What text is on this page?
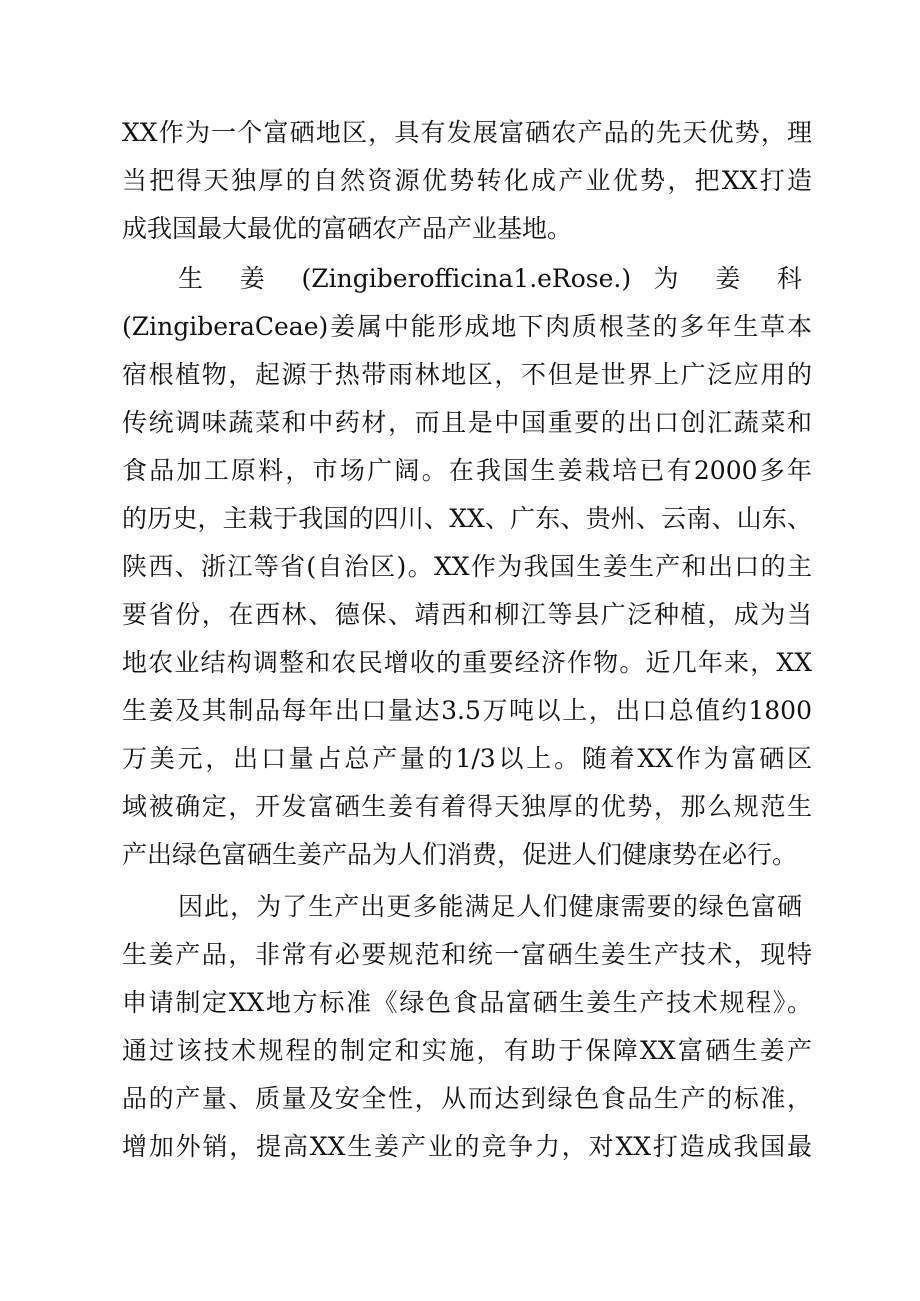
XX作为一个富硒地区，具有发展富硒农产品的先天优势，理
当把得天独厚的自然资源优势转化成产业优势，把XX打造
成我国最大最优的富硒农产品产业基地。
生 姜 (Zingiberofficina1.eRose.) 为 姜 科
(ZingiberaCeae)姜属中能形成地下肉质根茎的多年生草本
宿根植物，起源于热带雨林地区，不但是世界上广泛应用的
传统调味蔬菜和中药材，而且是中国重要的出口创汇蔬菜和
食品加工原料，市场广阔。在我国生姜栽培已有2000多年
的历史，主栽于我国的四川、XX、广东、贵州、云南、山东、
陕西、浙江等省(自治区)。XX作为我国生姜生产和出口的主
要省份，在西林、德保、靖西和柳江等县广泛种植，成为当
地农业结构调整和农民增收的重要经济作物。近几年来，XX
生姜及其制品每年出口量达3.5万吨以上，出口总值约1800
万美元，出口量占总产量的1/3以上。随着XX作为富硒区
域被确定，开发富硒生姜有着得天独厚的优势，那么规范生
产出绿色富硒生姜产品为人们消费，促进人们健康势在必行。
因此，为了生产出更多能满足人们健康需要的绿色富硒
生姜产品，非常有必要规范和统一富硒生姜生产技术，现特
申请制定XX地方标准《绿色食品富硒生姜生产技术规程》。
通过该技术规程的制定和实施，有助于保障XX富硒生姜产
品的产量、质量及安全性，从而达到绿色食品生产的标准，
增加外销，提高XX生姜产业的竞争力，对XX打造成我国最
